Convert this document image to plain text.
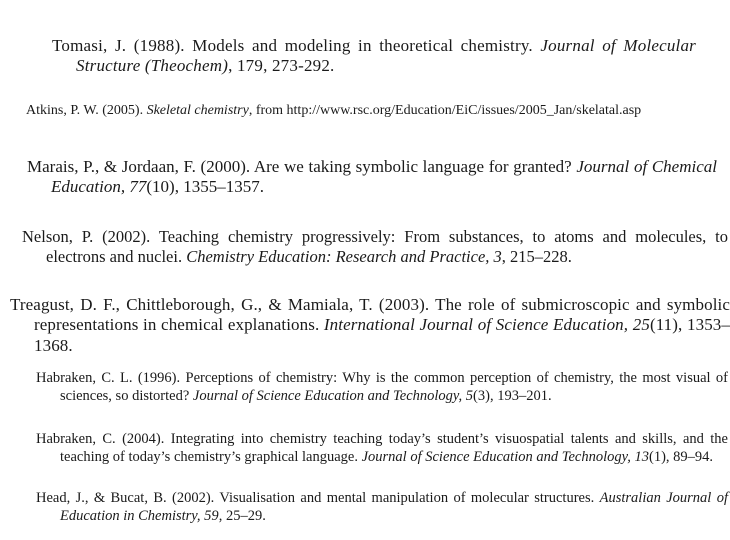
Tomasi, J. (1988). Models and modeling in theoretical chemistry. Journal of Molecular Structure (Theochem), 179, 273-292.

Atkins, P. W. (2005). Skeletal chemistry, from http://www.rsc.org/Education/EiC/issues/2005_Jan/skelatal.asp

Marais, P., & Jordaan, F. (2000). Are we taking symbolic language for granted? Journal of Chemical Education, 77(10), 1355–1357.

Nelson, P. (2002). Teaching chemistry progressively: From substances, to atoms and molecules, to electrons and nuclei. Chemistry Education: Research and Practice, 3, 215–228.

Treagust, D. F., Chittleborough, G., & Mamiala, T. (2003). The role of submicroscopic and symbolic representations in chemical explanations. International Journal of Science Education, 25(11), 1353–1368.

Habraken, C. L. (1996). Perceptions of chemistry: Why is the common perception of chemistry, the most visual of sciences, so distorted? Journal of Science Education and Technology, 5(3), 193–201.

Habraken, C. (2004). Integrating into chemistry teaching today’s student’s visuospatial talents and skills, and the teaching of today’s chemistry’s graphical language. Journal of Science Education and Technology, 13(1), 89–94.

Head, J., & Bucat, B. (2002). Visualisation and mental manipulation of molecular structures. Australian Journal of Education in Chemistry, 59, 25–29.
